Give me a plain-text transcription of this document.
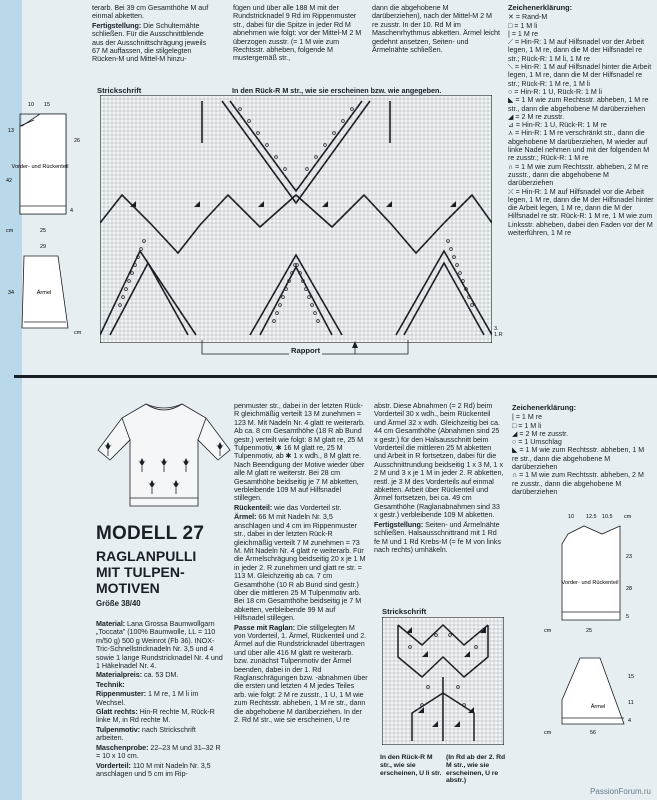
terarb. Bei 39 cm Gesamthöhe M auf einmal abketten.

Fertigstellung: Die Schulternähte schließen. Für die Ausschnittblende aus der Ausschnittschrägung jeweils 67 M auffassen, die stilgelegten Rücken-M und Mittel-M hinzu-

fügen und über alle 188 M mit der Rundstricknadel 9 Rd im Rippenmuster str., dabei für die Spitze in jeder Rd M abnehmen wie folgt: vor der Mittel-M 2 M überzogen zusstr. (= 1 M wie zum Rechtsstr. abheben, folgende M mustergemäß str.,

dann die abgehobene M darüberziehen), nach der Mittel-M 2 M re zusstr. In der 10. Rd M im Maschenrhythmus abketten. Ärmel leicht gedehnt ansetzen, Seiten- und Ärmelnähte schließen.

Vorder- und Rückenteil
Ärmel
10 15
13
26
42
25
4
cm
34
29
cm
Strickschrift	In den Rück-R M str., wie sie erscheinen bzw. wie angegeben.
3.
1.R
Rapport
Zeichenerklärung:
✕ = Rand-M
□ = 1 M li
| = 1 M re
⟋ = Hin-R: 1 M auf Hilfsnadel vor der Arbeit legen, 1 M re, dann die M der Hilfsnadel re str.; Rück-R: 1 M li, 1 M re
⟍ = Hin-R: 1 M auf Hilfsnadel hinter die Arbeit legen, 1 M re, dann die M der Hilfsnadel re str.; Rück-R: 1 M re, 1 M li
○ = Hin-R: 1 U, Rück-R: 1 M li
◣ = 1 M wie zum Rechtsstr. abheben, 1 M re str., dann die abgehobene M darüberziehen
◢ = 2 M re zusstr.
⊿ = Hin-R: 1 U, Rück-R: 1 M re
⋏ = Hin-R: 1 M re verschränkt str., dann die abgehobene M darüberziehen, M wieder auf linke Nadel nehmen und mit der folgenden M re zusstr.; Rück-R: 1 M re
∩ = 1 M wie zum Rechtsstr. abheben, 2 M re zusstr., dann die abgehobene M darüberziehen
⤫ = Hin-R: 1 M auf Hilfsnadel vor die Arbeit legen, 1 M re, dann die M der Hilfsnadel hinter die Arbeit legen, 1 M re, dann die M der Hilfsnadel re str. Rück-R: 1 M re, 1 M wie zum Linksstr. abheben, dabei den Faden vor der M weiterführen, 1 M re
MODELL 27
RAGLANPULLI
MIT TULPEN-
MOTIVEN
Größe 38/40

Material: Lana Grossa Baumwollgarn „Toccata" (100% Baumwolle, LL = 110 m/50 g) 500 g Weinrot (Fb 36). INOX-Tric-Schnellstricknadeln Nr. 3,5 und 4 sowie 1 lange Rundstricknadel Nr. 4 und 1 Häkelnadel Nr. 4.

Materialpreis: ca. 53 DM.

Technik:

Rippenmuster: 1 M re, 1 M li im Wechsel.

Glatt rechts: Hin-R rechte M, Rück-R linke M, in Rd rechte M.

Tulpenmotiv: nach Strickschrift arbeiten.

Maschenprobe: 22–23 M und 31–32 R = 10 x 10 cm.

Vorderteil: 110 M mit Nadeln Nr. 3,5 anschlagen und 5 cm im Rip-

penmuster str., dabei in der letzten Rück-R gleichmäßig verteilt 13 M zunehmen = 123 M. Mit Nadeln Nr. 4 glatt re weiterarb. Ab ca. 8 cm Gesamthöhe (18 R ab Bund gestr.) verteilt wie folgt: 8 M glatt re, 25 M Tulpenmotiv, ✱ 16 M glatt re, 25 M Tulpenmotiv, ab ✱ 1 x wdh., 8 M glatt re. Nach Beendigung der Motive wieder über alle M glatt re weiterstr. Bei 28 cm Gesamthöhe beidseitig je 7 M abketten, verbleibende 109 M auf Hilfsnadel stillegen.

Rückenteil: wie das Vorderteil str.

Ärmel: 66 M mit Nadeln Nr. 3,5 anschlagen und 4 cm im Rippenmuster str., dabei in der letzten Rück-R gleichmäßig verteilt 7 M zunehmen = 73 M. Mit Nadeln Nr. 4 glatt re weiterarb. Für die Ärmelschrägung beidseitig 20 x je 1 M in jeder 2. R zunehmen und glatt re str. = 113 M. Gleichzeitig ab ca. 7 cm Gesamthöhe (10 R ab Bund sind gestr.) über die mittleren 25 M Tulpenmotiv arb. Bei 18 cm Gesamthöhe beidseitig je 7 M abketten, verbleibende 99 M auf Hilfsnadel stillegen.

Passe mit Raglan: Die stillgelegten M von Vorderteil, 1. Ärmel, Rückenteil und 2. Ärmel auf die Rundstricknadel übertragen und über alle 416 M glatt re weiterarb. bzw. zunächst Tulpenmotiv der Ärmel beenden, dabei in der 1. Rd Raglanschrägungen bzw. -abnahmen über die ersten und letzten 4 M jedes Teiles arb. wie folgt: 2 M re zusstr., 1 U, 1 M wie zum Rechtsstr. abheben, 1 M re str., dann die abgehobene M darüberziehen. In der 2. Rd M str., wie sie erscheinen, U re

abstr. Diese Abnahmen (= 2 Rd) beim Vorderteil 30 x wdh., beim Rückenteil und Ärmel 32 x wdh. Gleichzeitig bei ca. 44 cm Gesamthöhe (Abnahmen sind 25 x gestr.) für den Halsausschnitt beim Vorderteil die mittleren 25 M abketten und Arbeit in R fortsetzen, dabei für die Ausschnittrundung beidseitig 1 x 3 M, 1 x 2 M und 3 x je 1 M in jeder 2. R abketten, restl. je 3 M des Vorderteils auf einmal abketten. Arbeit über Rückenteil und Ärmel fortsetzen, bei ca. 49 cm Gesamthöhe (Raglanabnahmen sind 33 x gestr.) verbleibende 109 M abketten.

Fertigstellung: Seiten- und Ärmelnähte schließen. Halsausschnittrand mit 1 Rd fe M und 1 Rd Krebs-M (= fe M von links nach rechts) umhäkeln.

Strickschrift
In den Rück-R M str., wie sie erscheinen, U li str.
(In Rd ab der 2. Rd M str., wie sie erscheinen, U re abstr.)
Zeichenerklärung:
| = 1 M re
□ = 1 M li
◢ = 2 M re zusstr.
○ = 1 Umschlag
◣ = 1 M wie zum Rechtsstr. abheben, 1 M re str., dann die abgehobene M darüberziehen
∩ = 1 M wie zum Rechtsstr. abheben, 2 M re zusstr., dann die abgehobene M darüberziehen
Vorder- und Rückenteil
Ärmel
10 12.5 10.5 cm
23
28
5
cm	25
15
11
4
cm	56
PassionForum.ru
